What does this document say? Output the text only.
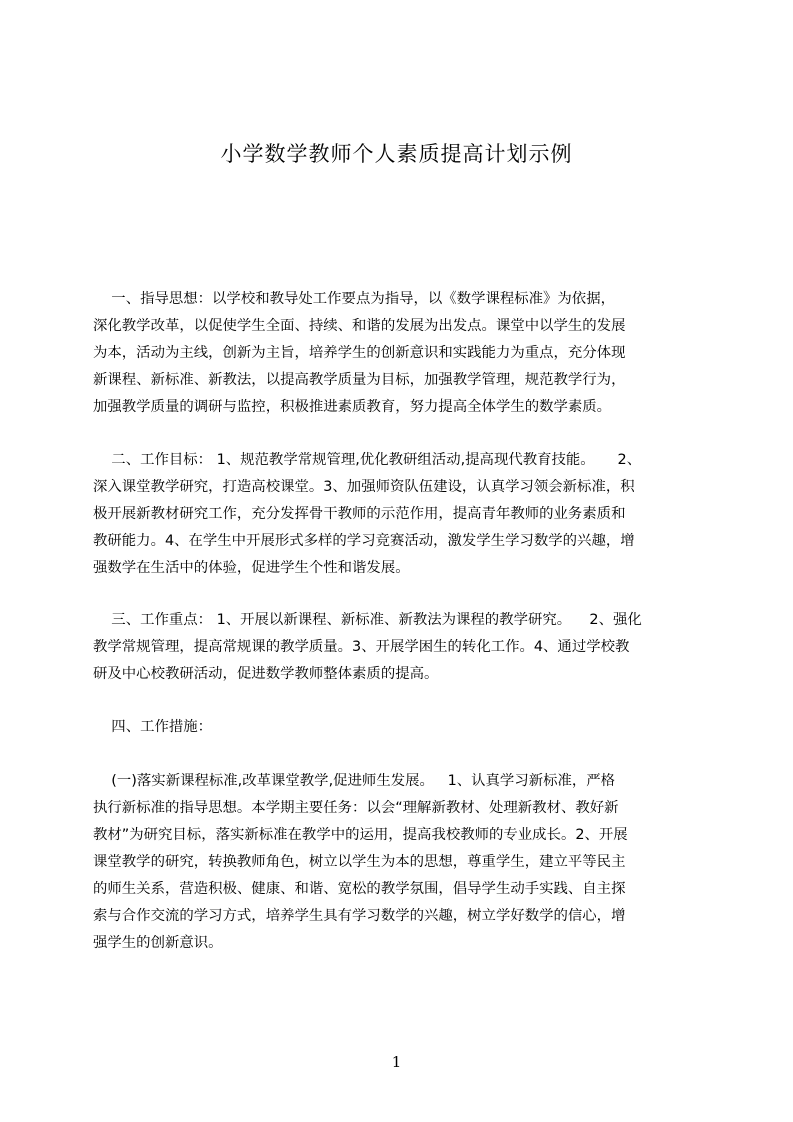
小学数学教师个人素质提高计划示例
一、指导思想：以学校和教导处工作要点为指导，以《数学课程标准》为依据，
深化教学改革，以促使学生全面、持续、和谐的发展为出发点。课堂中以学生的发展
为本，活动为主线，创新为主旨，培养学生的创新意识和实践能力为重点，充分体现
新课程、新标准、新教法，以提高教学质量为目标，加强教学管理，规范教学行为，
加强教学质量的调研与监控，积极推进素质教育，努力提高全体学生的数学素质。
二、工作目标： 1、规范教学常规管理,优化教研组活动,提高现代教育技能。     2、
深入课堂教学研究，打造高校课堂。3、加强师资队伍建设，认真学习领会新标准，积
极开展新教材研究工作，充分发挥骨干教师的示范作用，提高青年教师的业务素质和
教研能力。4、在学生中开展形式多样的学习竞赛活动，激发学生学习数学的兴趣，增
强数学在生活中的体验，促进学生个性和谐发展。
三、工作重点： 1、开展以新课程、新标准、新教法为课程的教学研究。    2、强化
教学常规管理，提高常规课的教学质量。3、开展学困生的转化工作。4、通过学校教
研及中心校教研活动，促进数学教师整体素质的提高。
四、工作措施：
(一)落实新课程标准,改革课堂教学,促进师生发展。   1、认真学习新标准，严格
执行新标准的指导思想。本学期主要任务：以会“理解新教材、处理新教材、教好新
教材”为研究目标，落实新标准在教学中的运用，提高我校教师的专业成长。2、开展
课堂教学的研究，转换教师角色，树立以学生为本的思想，尊重学生，建立平等民主
的师生关系，营造积极、健康、和谐、宽松的教学氛围，倡导学生动手实践、自主探
索与合作交流的学习方式，培养学生具有学习数学的兴趣，树立学好数学的信心，增
强学生的创新意识。
1
